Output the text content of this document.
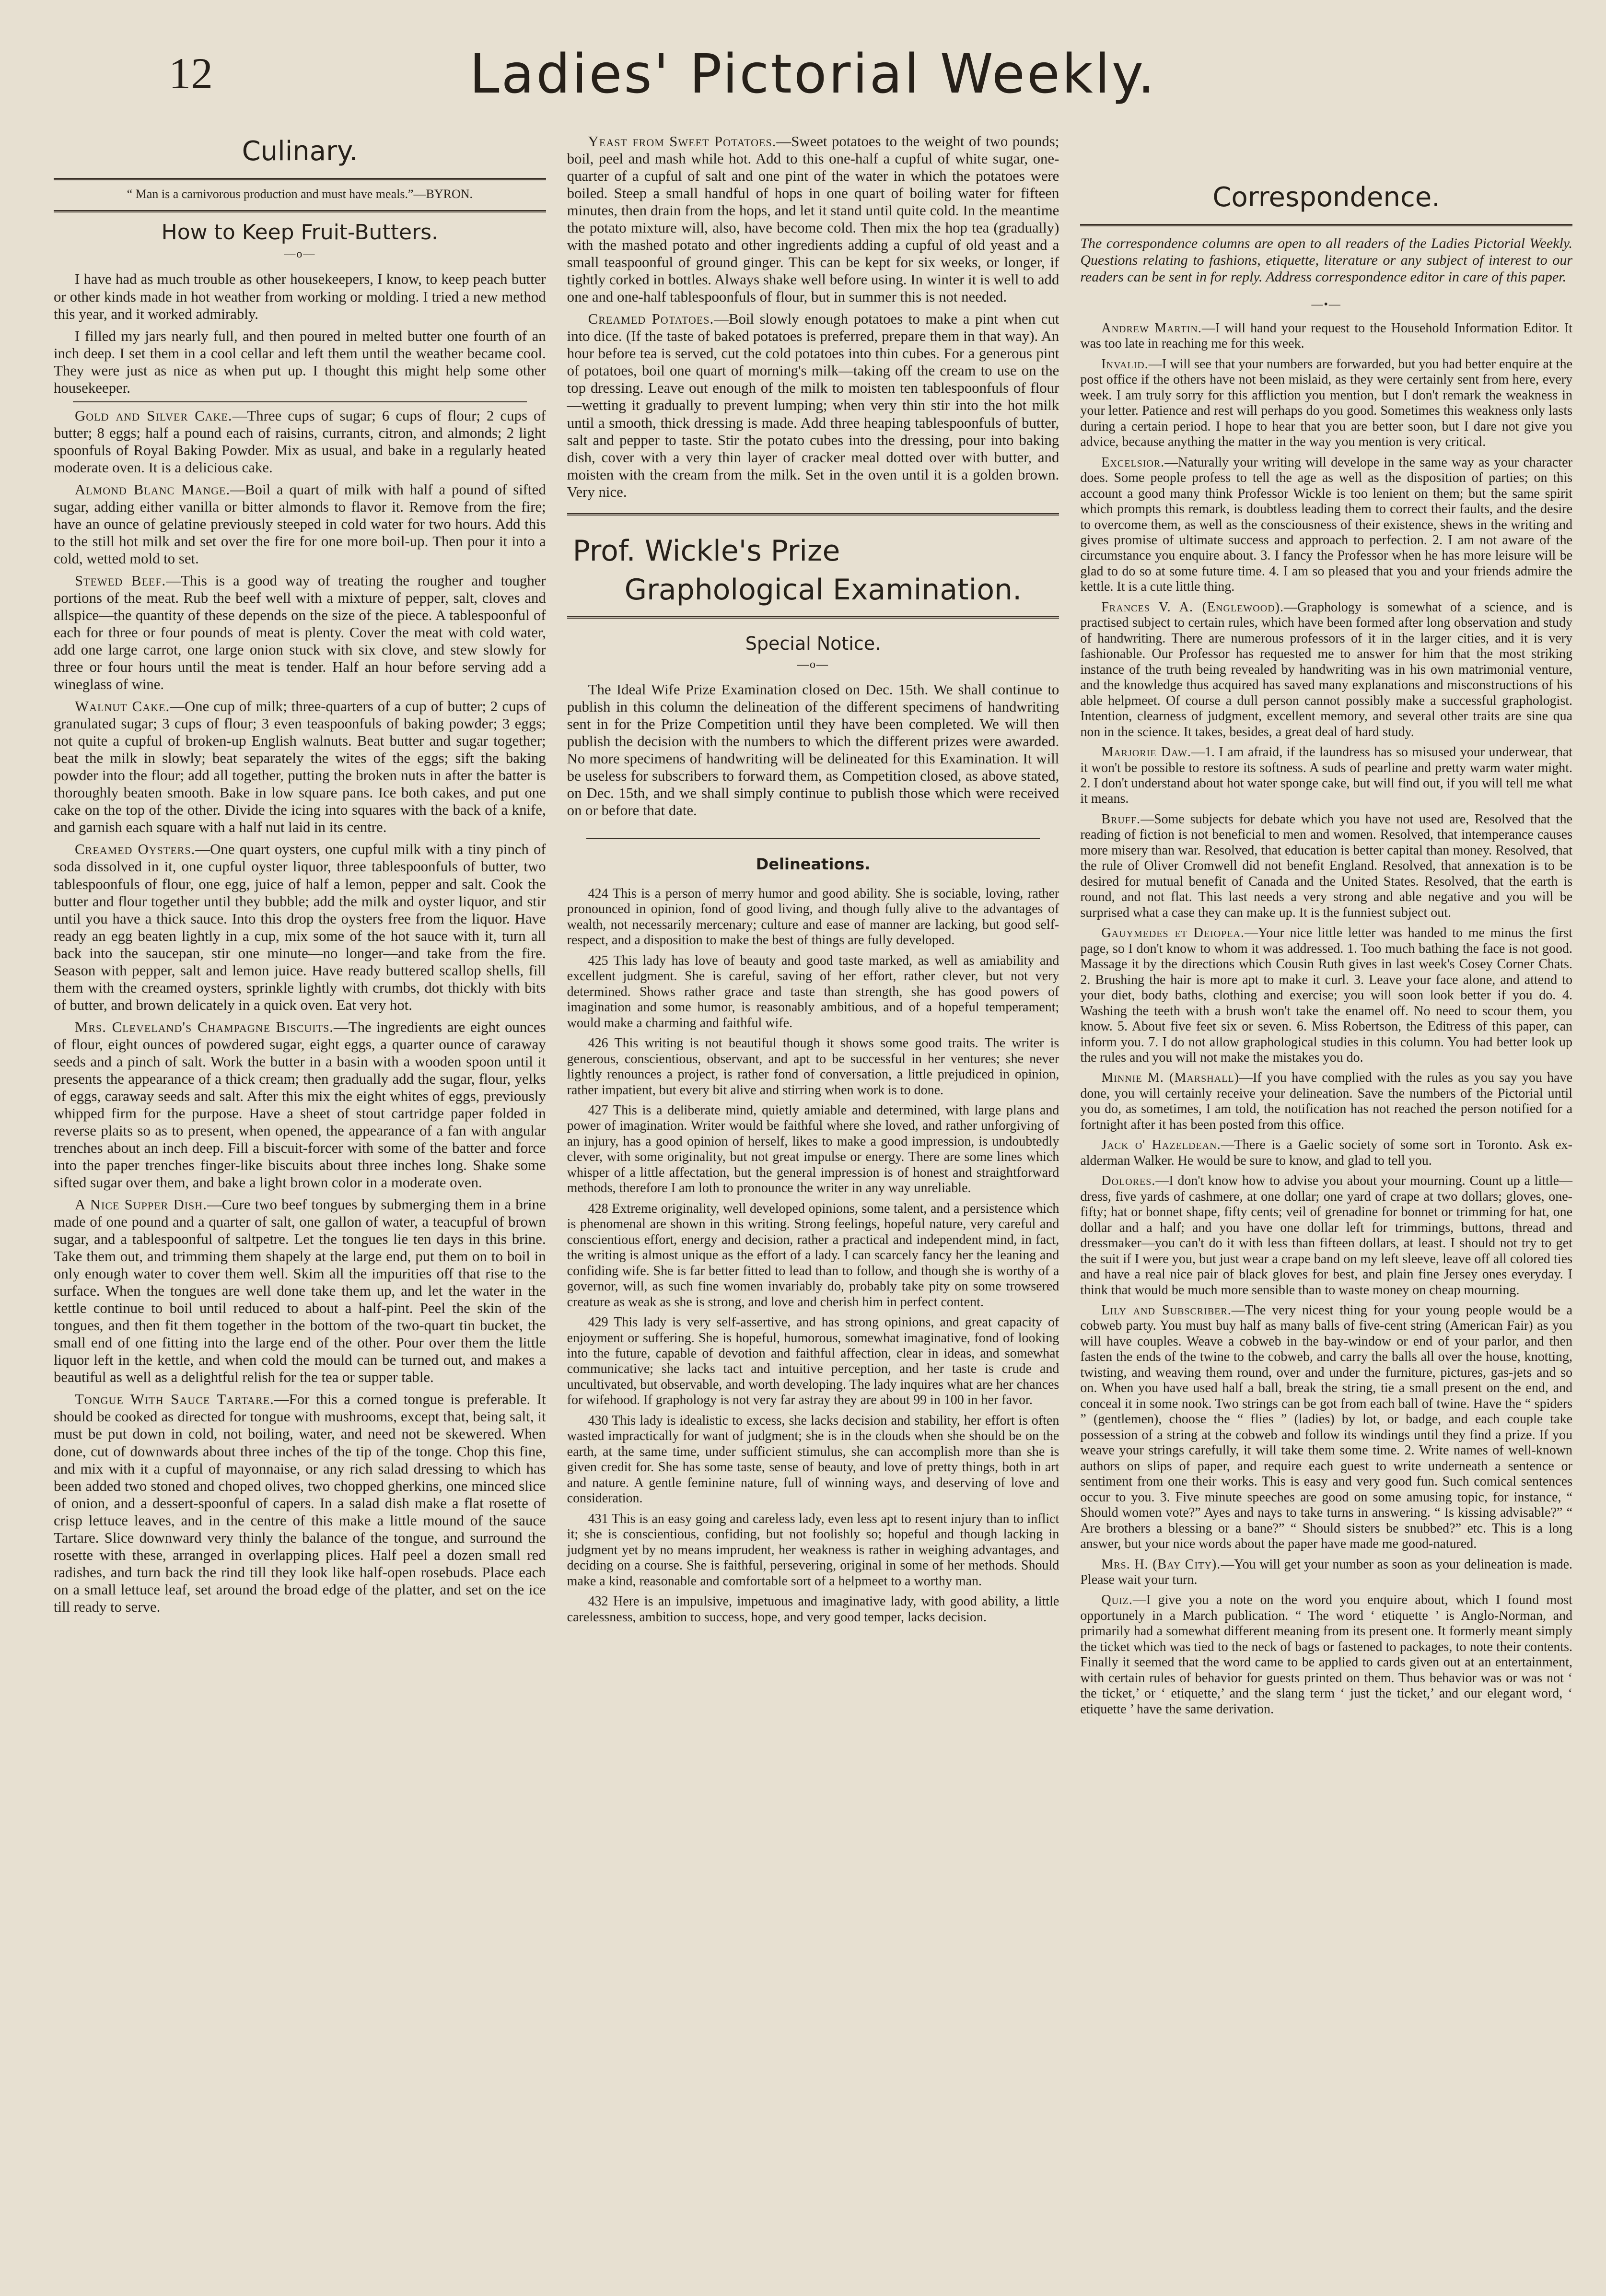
12	Ladies' Pictorial Weekly.
Culinary.
“ Man is a carnivorous production and must have meals.”—BYRON.
How to Keep Fruit-Butters.
—o—

I have had as much trouble as other housekeepers, I know, to keep peach butter or other kinds made in hot weather from working or molding. I tried a new method this year, and it worked admirably.

I filled my jars nearly full, and then poured in melted butter one fourth of an inch deep. I set them in a cool cellar and left them until the weather became cool. They were just as nice as when put up. I thought this might help some other housekeeper.

Gold and Silver Cake.—Three cups of sugar; 6 cups of flour; 2 cups of butter; 8 eggs; half a pound each of raisins, currants, citron, and almonds; 2 light spoonfuls of Royal Baking Powder. Mix as usual, and bake in a regularly heated moderate oven. It is a delicious cake.

Almond Blanc Mange.—Boil a quart of milk with half a pound of sifted sugar, adding either vanilla or bitter almonds to flavor it. Remove from the fire; have an ounce of gelatine previously steeped in cold water for two hours. Add this to the still hot milk and set over the fire for one more boil-up. Then pour it into a cold, wetted mold to set.

Stewed Beef.—This is a good way of treating the rougher and tougher portions of the meat. Rub the beef well with a mixture of pepper, salt, cloves and allspice—the quantity of these depends on the size of the piece. A tablespoonful of each for three or four pounds of meat is plenty. Cover the meat with cold water, add one large carrot, one large onion stuck with six clove, and stew slowly for three or four hours until the meat is tender. Half an hour before serving add a wineglass of wine.

Walnut Cake.—One cup of milk; three-quarters of a cup of butter; 2 cups of granulated sugar; 3 cups of flour; 3 even teaspoonfuls of baking powder; 3 eggs; not quite a cupful of broken-up English walnuts. Beat butter and sugar together; beat the milk in slowly; beat separately the wites of the eggs; sift the baking powder into the flour; add all together, putting the broken nuts in after the batter is thoroughly beaten smooth. Bake in low square pans. Ice both cakes, and put one cake on the top of the other. Divide the icing into squares with the back of a knife, and garnish each square with a half nut laid in its centre.

Creamed Oysters.—One quart oysters, one cupful milk with a tiny pinch of soda dissolved in it, one cupful oyster liquor, three tablespoonfuls of butter, two tablespoonfuls of flour, one egg, juice of half a lemon, pepper and salt. Cook the butter and flour together until they bubble; add the milk and oyster liquor, and stir until you have a thick sauce. Into this drop the oysters free from the liquor. Have ready an egg beaten lightly in a cup, mix some of the hot sauce with it, turn all back into the saucepan, stir one minute—no longer—and take from the fire. Season with pepper, salt and lemon juice. Have ready buttered scallop shells, fill them with the creamed oysters, sprinkle lightly with crumbs, dot thickly with bits of butter, and brown delicately in a quick oven. Eat very hot.

Mrs. Cleveland's Champagne Biscuits.—The ingredients are eight ounces of flour, eight ounces of powdered sugar, eight eggs, a quarter ounce of caraway seeds and a pinch of salt. Work the butter in a basin with a wooden spoon until it presents the appearance of a thick cream; then gradually add the sugar, flour, yelks of eggs, caraway seeds and salt. After this mix the eight whites of eggs, previously whipped firm for the purpose. Have a sheet of stout cartridge paper folded in reverse plaits so as to present, when opened, the appearance of a fan with angular trenches about an inch deep. Fill a biscuit-forcer with some of the batter and force into the paper trenches finger-like biscuits about three inches long. Shake some sifted sugar over them, and bake a light brown color in a moderate oven.

A Nice Supper Dish.—Cure two beef tongues by submerging them in a brine made of one pound and a quarter of salt, one gallon of water, a teacupful of brown sugar, and a tablespoonful of saltpetre. Let the tongues lie ten days in this brine. Take them out, and trimming them shapely at the large end, put them on to boil in only enough water to cover them well. Skim all the impurities off that rise to the surface. When the tongues are well done take them up, and let the water in the kettle continue to boil until reduced to about a half-pint. Peel the skin of the tongues, and then fit them together in the bottom of the two-quart tin bucket, the small end of one fitting into the large end of the other. Pour over them the little liquor left in the kettle, and when cold the mould can be turned out, and makes a beautiful as well as a delightful relish for the tea or supper table.

Tongue With Sauce Tartare.—For this a corned tongue is preferable. It should be cooked as directed for tongue with mushrooms, except that, being salt, it must be put down in cold, not boiling, water, and need not be skewered. When done, cut of downwards about three inches of the tip of the tonge. Chop this fine, and mix with it a cupful of mayonnaise, or any rich salad dressing to which has been added two stoned and choped olives, two chopped gherkins, one minced slice of onion, and a dessert-spoonful of capers. In a salad dish make a flat rosette of crisp lettuce leaves, and in the centre of this make a little mound of the sauce Tartare. Slice downward very thinly the balance of the tongue, and surround the rosette with these, arranged in overlapping plices. Half peel a dozen small red radishes, and turn back the rind till they look like half-open rosebuds. Place each on a small lettuce leaf, set around the broad edge of the platter, and set on the ice till ready to serve.

Yeast from Sweet Potatoes.—Sweet potatoes to the weight of two pounds; boil, peel and mash while hot. Add to this one-half a cupful of white sugar, one-quarter of a cupful of salt and one pint of the water in which the potatoes were boiled. Steep a small handful of hops in one quart of boiling water for fifteen minutes, then drain from the hops, and let it stand until quite cold. In the meantime the potato mixture will, also, have become cold. Then mix the hop tea (gradually) with the mashed potato and other ingredients adding a cupful of old yeast and a small teaspoonful of ground ginger. This can be kept for six weeks, or longer, if tightly corked in bottles. Always shake well before using. In winter it is well to add one and one-half tablespoonfuls of flour, but in summer this is not needed.

Creamed Potatoes.—Boil slowly enough potatoes to make a pint when cut into dice. (If the taste of baked potatoes is preferred, prepare them in that way). An hour before tea is served, cut the cold potatoes into thin cubes. For a generous pint of potatoes, boil one quart of morning's milk—taking off the cream to use on the top dressing. Leave out enough of the milk to moisten ten tablespoonfuls of flour—wetting it gradually to prevent lumping; when very thin stir into the hot milk until a smooth, thick dressing is made. Add three heaping tablespoonfuls of butter, salt and pepper to taste. Stir the potato cubes into the dressing, pour into baking dish, cover with a very thin layer of cracker meal dotted over with butter, and moisten with the cream from the milk. Set in the oven until it is a golden brown. Very nice.

Prof. Wickle's Prize
Graphological Examination.
Special Notice.
—o—

The Ideal Wife Prize Examination closed on Dec. 15th. We shall continue to publish in this column the delineation of the different specimens of handwriting sent in for the Prize Competition until they have been completed. We will then publish the decision with the numbers to which the different prizes were awarded. No more specimens of handwriting will be delineated for this Examination. It will be useless for subscribers to forward them, as Competition closed, as above stated, on Dec. 15th, and we shall simply continue to publish those which were received on or before that date.

Delineations.

424 This is a person of merry humor and good ability. She is sociable, loving, rather pronounced in opinion, fond of good living, and though fully alive to the advantages of wealth, not necessarily mercenary; culture and ease of manner are lacking, but good self-respect, and a disposition to make the best of things are fully developed.

425 This lady has love of beauty and good taste marked, as well as amiability and excellent judgment. She is careful, saving of her effort, rather clever, but not very determined. Shows rather grace and taste than strength, she has good powers of imagination and some humor, is reasonably ambitious, and of a hopeful temperament; would make a charming and faithful wife.

426 This writing is not beautiful though it shows some good traits. The writer is generous, conscientious, observant, and apt to be successful in her ventures; she never lightly renounces a project, is rather fond of conversation, a little prejudiced in opinion, rather impatient, but every bit alive and stirring when work is to done.

427 This is a deliberate mind, quietly amiable and determined, with large plans and power of imagination. Writer would be faithful where she loved, and rather unforgiving of an injury, has a good opinion of herself, likes to make a good impression, is undoubtedly clever, with some originality, but not great impulse or energy. There are some lines which whisper of a little affectation, but the general impression is of honest and straightforward methods, therefore I am loth to pronounce the writer in any way unreliable.

428 Extreme originality, well developed opinions, some talent, and a persistence which is phenomenal are shown in this writing. Strong feelings, hopeful nature, very careful and conscientious effort, energy and decision, rather a practical and independent mind, in fact, the writing is almost unique as the effort of a lady. I can scarcely fancy her the leaning and confiding wife. She is far better fitted to lead than to follow, and though she is worthy of a governor, will, as such fine women invariably do, probably take pity on some trowsered creature as weak as she is strong, and love and cherish him in perfect content.

429 This lady is very self-assertive, and has strong opinions, and great capacity of enjoyment or suffering. She is hopeful, humorous, somewhat imaginative, fond of looking into the future, capable of devotion and faithful affection, clear in ideas, and somewhat communicative; she lacks tact and intuitive perception, and her taste is crude and uncultivated, but observable, and worth developing. The lady inquires what are her chances for wifehood. If graphology is not very far astray they are about 99 in 100 in her favor.

430 This lady is idealistic to excess, she lacks decision and stability, her effort is often wasted impractically for want of judgment; she is in the clouds when she should be on the earth, at the same time, under sufficient stimulus, she can accomplish more than she is given credit for. She has some taste, sense of beauty, and love of pretty things, both in art and nature. A gentle feminine nature, full of winning ways, and deserving of love and consideration.

431 This is an easy going and careless lady, even less apt to resent injury than to inflict it; she is conscientious, confiding, but not foolishly so; hopeful and though lacking in judgment yet by no means imprudent, her weakness is rather in weighing advantages, and deciding on a course. She is faithful, persevering, original in some of her methods. Should make a kind, reasonable and comfortable sort of a helpmeet to a worthy man.

432 Here is an impulsive, impetuous and imaginative lady, with good ability, a little carelessness, ambition to success, hope, and very good temper, lacks decision.

Correspondence.
The correspondence columns are open to all readers of the Ladies Pictorial Weekly. Questions relating to fashions, etiquette, literature or any subject of interest to our readers can be sent in for reply. Address correspondence editor in care of this paper.
—•—

Andrew Martin.—I will hand your request to the Household Information Editor. It was too late in reaching me for this week.

Invalid.—I will see that your numbers are forwarded, but you had better enquire at the post office if the others have not been mislaid, as they were certainly sent from here, every week. I am truly sorry for this affliction you mention, but I don't remark the weakness in your letter. Patience and rest will perhaps do you good. Sometimes this weakness only lasts during a certain period. I hope to hear that you are better soon, but I dare not give you advice, because anything the matter in the way you mention is very critical.

Excelsior.—Naturally your writing will develope in the same way as your character does. Some people profess to tell the age as well as the disposition of parties; on this account a good many think Professor Wickle is too lenient on them; but the same spirit which prompts this remark, is doubtless leading them to correct their faults, and the desire to overcome them, as well as the consciousness of their existence, shews in the writing and gives promise of ultimate success and approach to perfection. 2. I am not aware of the circumstance you enquire about. 3. I fancy the Professor when he has more leisure will be glad to do so at some future time. 4. I am so pleased that you and your friends admire the kettle. It is a cute little thing.

Frances V. A. (Englewood).—Graphology is somewhat of a science, and is practised subject to certain rules, which have been formed after long observation and study of handwriting. There are numerous professors of it in the larger cities, and it is very fashionable. Our Professor has requested me to answer for him that the most striking instance of the truth being revealed by handwriting was in his own matrimonial venture, and the knowledge thus acquired has saved many explanations and misconstructions of his able helpmeet. Of course a dull person cannot possibly make a successful graphologist. Intention, clearness of judgment, excellent memory, and several other traits are sine qua non in the science. It takes, besides, a great deal of hard study.

Marjorie Daw.—1. I am afraid, if the laundress has so misused your underwear, that it won't be possible to restore its softness. A suds of pearline and pretty warm water might. 2. I don't understand about hot water sponge cake, but will find out, if you will tell me what it means.

Bruff.—Some subjects for debate which you have not used are, Resolved that the reading of fiction is not beneficial to men and women. Resolved, that intemperance causes more misery than war. Resolved, that education is better capital than money. Resolved, that the rule of Oliver Cromwell did not benefit England. Resolved, that annexation is to be desired for mutual benefit of Canada and the United States. Resolved, that the earth is round, and not flat. This last needs a very strong and able negative and you will be surprised what a case they can make up. It is the funniest subject out.

Gauymedes et Deiopea.—Your nice little letter was handed to me minus the first page, so I don't know to whom it was addressed. 1. Too much bathing the face is not good. Massage it by the directions which Cousin Ruth gives in last week's Cosey Corner Chats. 2. Brushing the hair is more apt to make it curl. 3. Leave your face alone, and attend to your diet, body baths, clothing and exercise; you will soon look better if you do. 4. Washing the teeth with a brush won't take the enamel off. No need to scour them, you know. 5. About five feet six or seven. 6. Miss Robertson, the Editress of this paper, can inform you. 7. I do not allow graphological studies in this column. You had better look up the rules and you will not make the mistakes you do.

Minnie M. (Marshall)—If you have complied with the rules as you say you have done, you will certainly receive your delineation. Save the numbers of the Pictorial until you do, as sometimes, I am told, the notification has not reached the person notified for a fortnight after it has been posted from this office.

Jack o' Hazeldean.—There is a Gaelic society of some sort in Toronto. Ask ex-alderman Walker. He would be sure to know, and glad to tell you.

Dolores.—I don't know how to advise you about your mourning. Count up a little—dress, five yards of cashmere, at one dollar; one yard of crape at two dollars; gloves, one-fifty; hat or bonnet shape, fifty cents; veil of grenadine for bonnet or trimming for hat, one dollar and a half; and you have one dollar left for trimmings, buttons, thread and dressmaker—you can't do it with less than fifteen dollars, at least. I should not try to get the suit if I were you, but just wear a crape band on my left sleeve, leave off all colored ties and have a real nice pair of black gloves for best, and plain fine Jersey ones everyday. I think that would be much more sensible than to waste money on cheap mourning.

Lily and Subscriber.—The very nicest thing for your young people would be a cobweb party. You must buy half as many balls of five-cent string (American Fair) as you will have couples. Weave a cobweb in the bay-window or end of your parlor, and then fasten the ends of the twine to the cobweb, and carry the balls all over the house, knotting, twisting, and weaving them round, over and under the furniture, pictures, gas-jets and so on. When you have used half a ball, break the string, tie a small present on the end, and conceal it in some nook. Two strings can be got from each ball of twine. Have the “ spiders ” (gentlemen), choose the “ flies ” (ladies) by lot, or badge, and each couple take possession of a string at the cobweb and follow its windings until they find a prize. If you weave your strings carefully, it will take them some time. 2. Write names of well-known authors on slips of paper, and require each guest to write underneath a sentence or sentiment from one their works. This is easy and very good fun. Such comical sentences occur to you. 3. Five minute speeches are good on some amusing topic, for instance, “ Should women vote?” Ayes and nays to take turns in answering. “ Is kissing advisable?” “ Are brothers a blessing or a bane?” “ Should sisters be snubbed?” etc. This is a long answer, but your nice words about the paper have made me good-natured.

Mrs. H. (Bay City).—You will get your number as soon as your delineation is made. Please wait your turn.

Quiz.—I give you a note on the word you enquire about, which I found most opportunely in a March publication. “ The word ‘ etiquette ’ is Anglo-Norman, and primarily had a somewhat different meaning from its present one. It formerly meant simply the ticket which was tied to the neck of bags or fastened to packages, to note their contents. Finally it seemed that the word came to be applied to cards given out at an entertainment, with certain rules of behavior for guests printed on them. Thus behavior was or was not ‘ the ticket,’ or ‘ etiquette,’ and the slang term ‘ just the ticket,’ and our elegant word, ‘ etiquette ’ have the same derivation.
